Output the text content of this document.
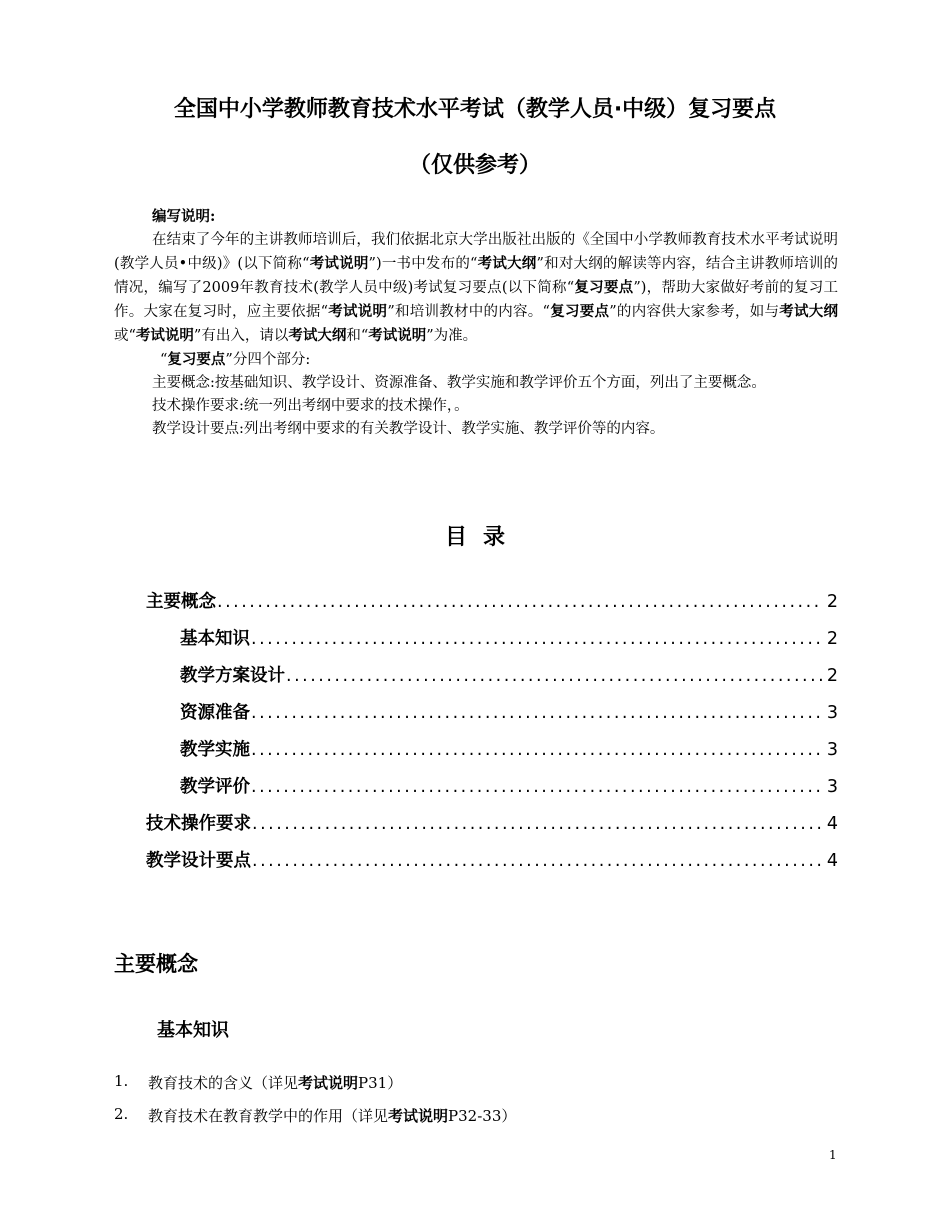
全国中小学教师教育技术水平考试（教学人员·中级）复习要点
（仅供参考）

编写说明:

在结束了今年的主讲教师培训后，我们依据北京大学出版社出版的《全国中小学教师教育技术水平考试说明(教学人员•中级)》(以下简称“考试说明”)一书中发布的“考试大纲”和对大纲的解读等内容，结合主讲教师培训的情况，编写了2009年教育技术(教学人员中级)考试复习要点(以下简称“复习要点”)，帮助大家做好考前的复习工作。大家在复习时，应主要依据“考试说明”和培训教材中的内容。“复习要点”的内容供大家参考，如与考试大纲或“考试说明”有出入，请以考试大纲和“考试说明”为准。

“复习要点”分四个部分:

主要概念:按基础知识、教学设计、资源准备、教学实施和教学评价五个方面，列出了主要概念。

技术操作要求:统一列出考纲中要求的技术操作，。

教学设计要点:列出考纲中要求的有关教学设计、教学实施、教学评价等的内容。

目录
主要概念 .....	2
基本知识 .....	2
教学方案设计 .....	2
资源准备 .....	3
教学实施 .....	3
教学评价 .....	3
技术操作要求 .....	4
教学设计要点 .....	4
主要概念
基本知识
1.	教育技术的含义（详见考试说明P31）
2.	教育技术在教育教学中的作用（详见考试说明P32-33）
1
